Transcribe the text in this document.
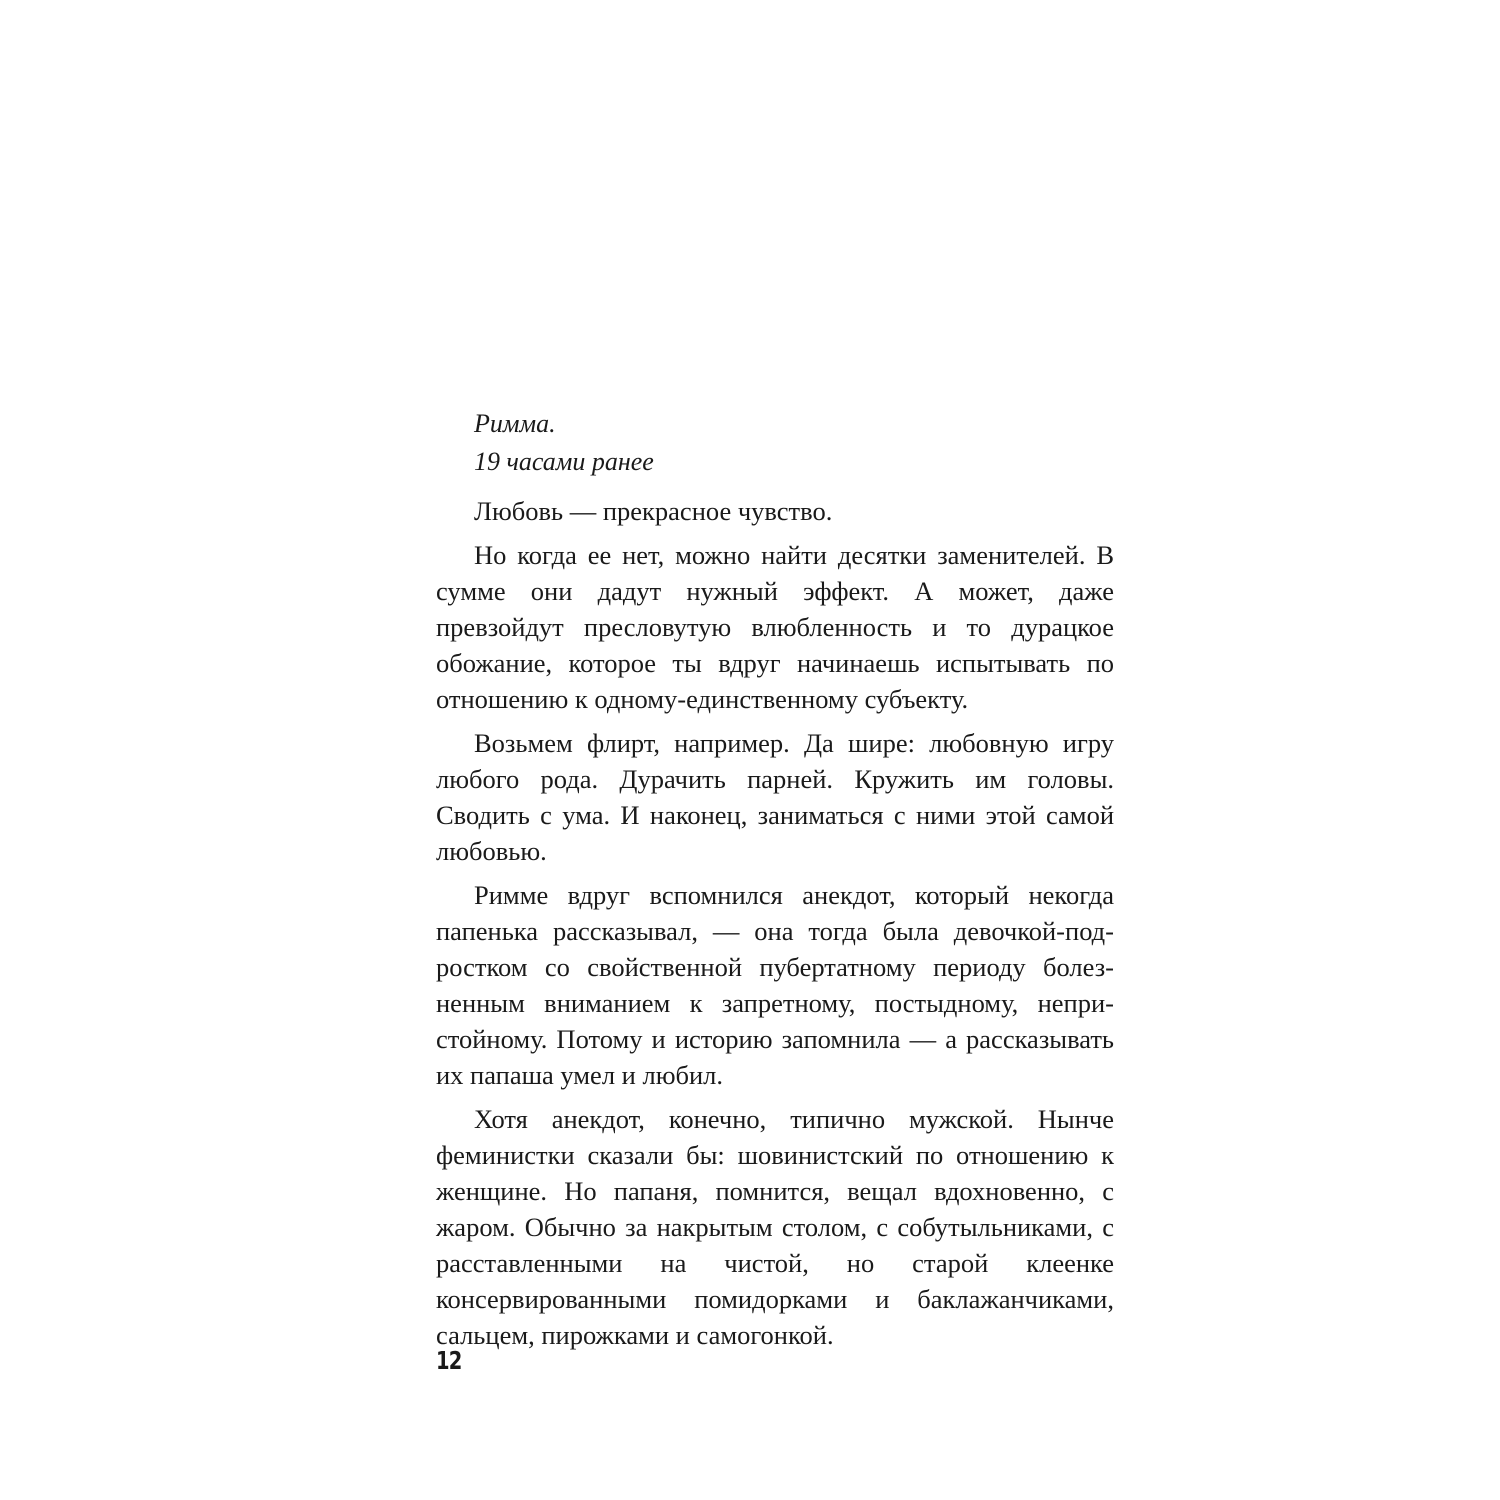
Римма.
19 часами ранее

Любовь — прекрасное чувство.

Но когда ее нет, можно найти десятки заменителей. В сумме они дадут нужный эффект. А может, даже превзойдут пресловутую влюбленность и то дурацкое обожание, которое ты вдруг начинаешь испытывать по отношению к одному-единственному субъекту.

Возьмем флирт, например. Да шире: любовную игру любого рода. Дурачить парней. Кружить им головы. Сводить с ума. И наконец, заниматься с ними этой самой любовью.

Римме вдруг вспомнился анекдот, который некогда папенька рассказывал, — она тогда была девочкой-подростком со свойственной пубертатному периоду болезненным вниманием к запретному, постыдному, непристойному. Потому и историю запомнила — а рассказывать их папаша умел и любил.

Хотя анекдот, конечно, типично мужской. Нынче феминистки сказали бы: шовинистский по отношению к женщине. Но папаня, помнится, вещал вдохновенно, с жаром. Обычно за накрытым столом, с собутыльниками, с расставленными на чистой, но старой клеенке консервированными помидорками и баклажанчиками, сальцем, пирожками и самогонкой.

12
